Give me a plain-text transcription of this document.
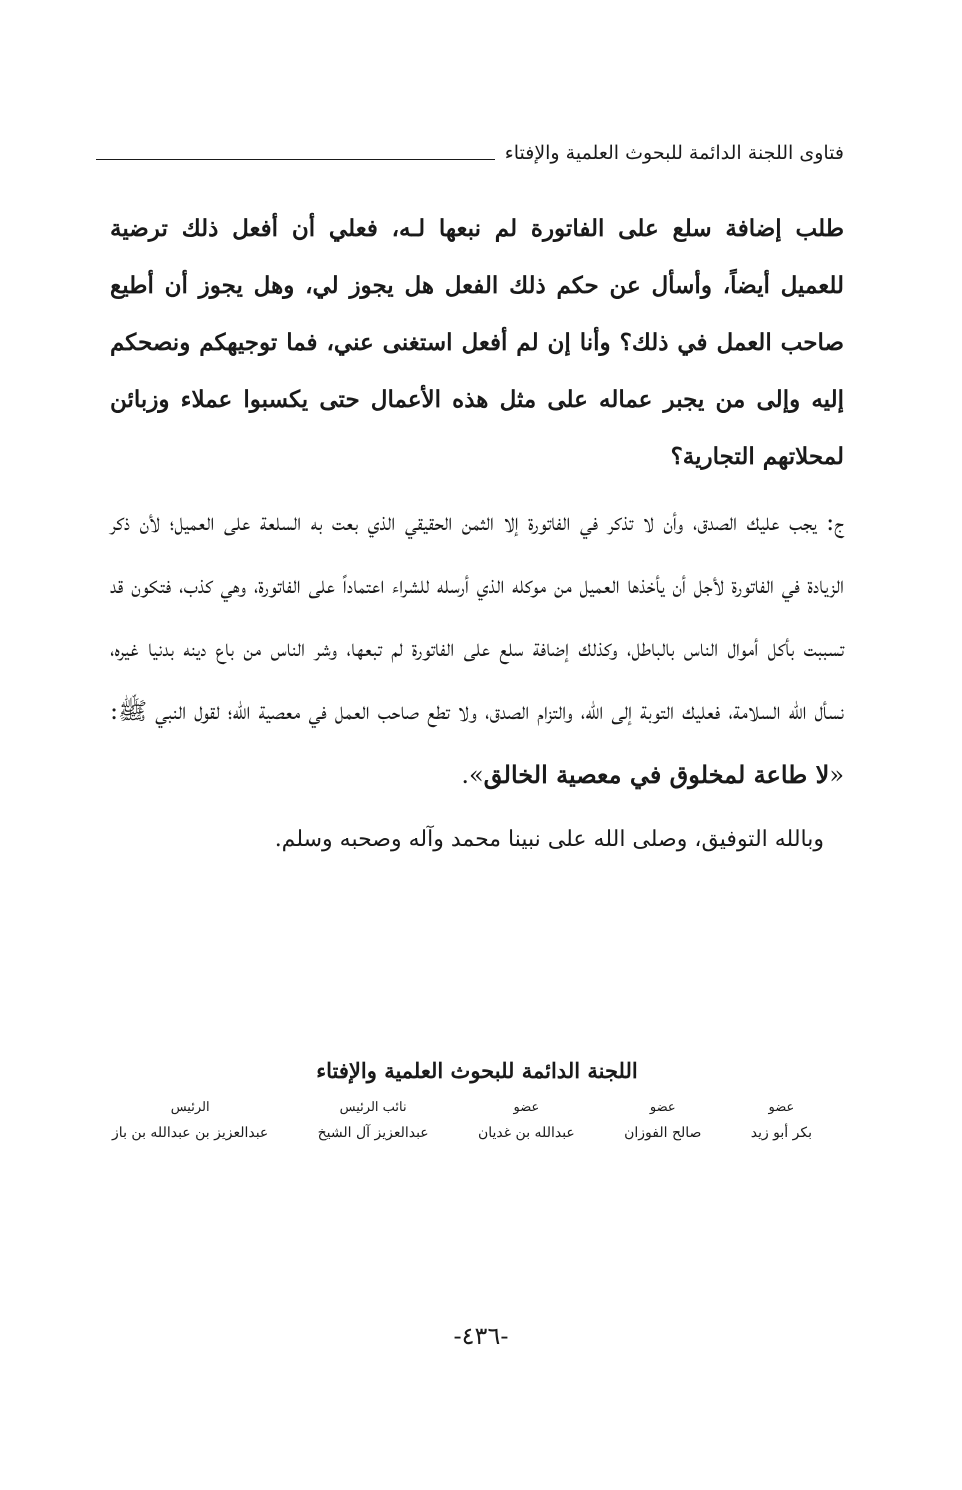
فتاوى اللجنة الدائمة للبحوث العلمية والإفتاء

طلب إضافة سلع على الفاتورة لم نبعها لـه، فعلي أن أفعل ذلك ترضية للعميل أيضاً، وأسأل عن حكم ذلك الفعل هل يجوز لي، وهل يجوز أن أطيع صاحب العمل في ذلك؟ وأنا إن لم أفعل استغنى عني، فما توجيهكم ونصحكم إليه وإلى من يجبر عماله على مثل هذه الأعمال حتى يكسبوا عملاء وزبائن لمحلاتهم التجارية؟

ج: يجب عليك الصدق، وأن لا تذكر في الفاتورة إلا الثمن الحقيقي الذي بعت به السلعة على العميل؛ لأن ذكر الزيادة في الفاتورة لأجل أن يأخذها العميل من موكله الذي أرسله للشراء اعتماداً على الفاتورة، وهي كذب، فتكون قد تسببت بأكل أموال الناس بالباطل، وكذلك إضافة سلع على الفاتورة لم تبعها، وشر الناس من باع دينه بدنيا غيره، نسأل الله السلامة، فعليك التوبة إلى الله، والتزام الصدق، ولا تطع صاحب العمل في معصية الله؛ لقول النبي ﷺ: «لا طاعة لمخلوق في معصية الخالق».

وبالله التوفيق، وصلى الله على نبينا محمد وآله وصحبه وسلم.

اللجنة الدائمة للبحوث العلمية والإفتاء
عضو
بكر أبو زيد
عضو
صالح الفوزان
عضو
عبدالله بن غديان
نائب الرئيس
عبدالعزيز آل الشيخ
الرئيس
عبدالعزيز بن عبدالله بن باز
-٤٣٦-
